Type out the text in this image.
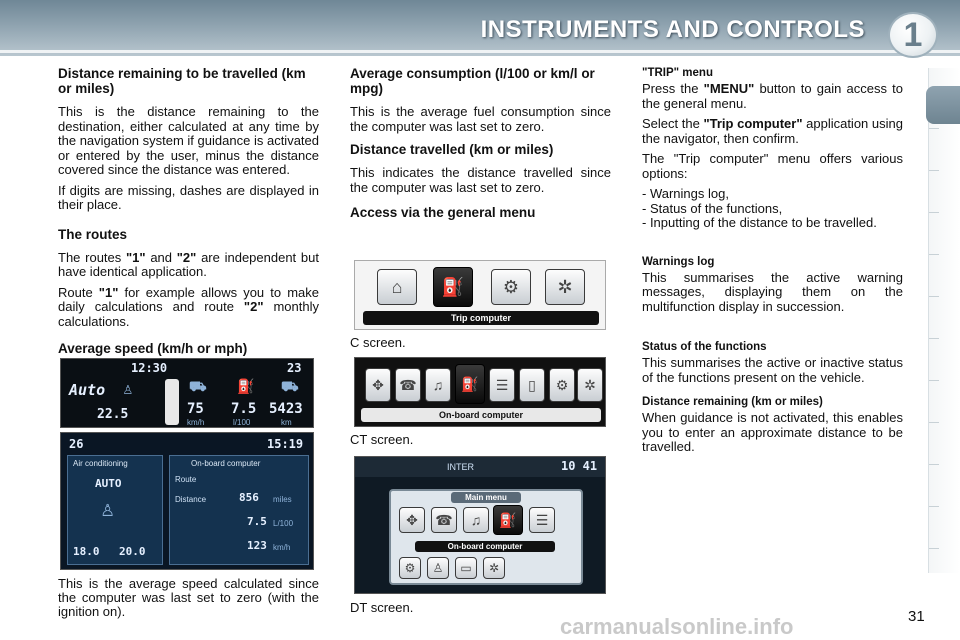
INSTRUMENTS AND CONTROLS 1
Distance remaining to be travelled (km or miles)

This is the distance remaining to the destination, either calculated at any time by the navigation system if guidance is activated or entered by the user, minus the distance covered since the distance was entered.

If digits are missing, dashes are displayed in their place.

The routes

The routes "1" and "2" are independent but have identical application.

Route "1" for example allows you to make daily calculations and route "2" monthly calculations.

Average speed (km/h or mph)

This is the average speed calculated since the computer was last set to zero (with the ignition on).

Average consumption (l/100 or km/l or mpg)

This is the average fuel consumption since the computer was last set to zero.

Distance travelled (km or miles)

This indicates the distance travelled since the computer was last set to zero.

Access via the general menu
C screen.
CT screen.
DT screen.
"TRIP" menu

Press the "MENU" button to gain access to the general menu.

Select the "Trip computer" application using the navigator, then confirm.

The "Trip computer" menu offers various options:

- Warnings log,
- Status of the functions,
- Inputting of the distance to be travelled.
Warnings log

This summarises the active warning messages, displaying them on the multifunction display in succession.

Status of the functions

This summarises the active or inactive status of the functions present on the vehicle.

Distance remaining (km or miles)

When guidance is not activated, this enables you to enter an approximate distance to be travelled.

⌂	⛽	⚙	✲
Trip computer
✥	☎	♫	⛽	☰	▯	⚙	✲
On-board computer
INTER	10 41
Main menu
✥	☎	♫	⛽	☰
On-board computer
⚙	♙	▭	✲
12:30	23
Auto ♙
22.5	75
km/h
7.5
l/100
5423
km
⛟ ⛽ ⛟
26	15:19
Air conditioning
AUTO
♙
18.0 20.0
On-board computer
Route
Distance	856 miles
7.5 L/100
123 km/h
carmanualsonline.info	31
